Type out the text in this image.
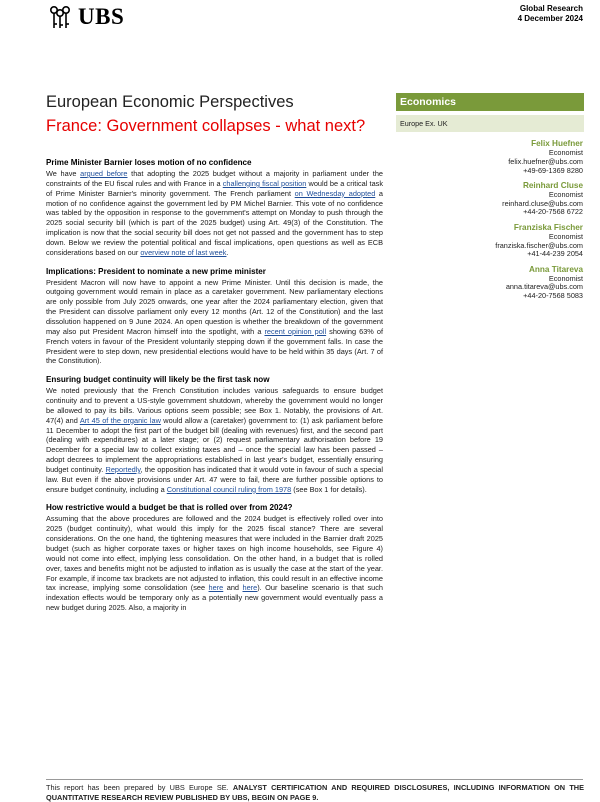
UBS	Global Research
4 December 2024
European Economic Perspectives
France: Government collapses - what next?
Economics
Europe Ex. UK
Felix Huefner
Economist
felix.huefner@ubs.com
+49-69-1369 8280
Reinhard Cluse
Economist
reinhard.cluse@ubs.com
+44-20-7568 6722
Franziska Fischer
Economist
franziska.fischer@ubs.com
+41-44-239 2054
Anna Titareva
Economist
anna.titareva@ubs.com
+44-20-7568 5083
Prime Minister Barnier loses motion of no confidence

We have argued before that adopting the 2025 budget without a majority in parliament under the constraints of the EU fiscal rules and with France in a challenging fiscal position would be a critical task of Prime Minister Barnier's minority government. The French parliament on Wednesday adopted a motion of no confidence against the government led by PM Michel Barnier. This vote of no confidence was tabled by the opposition in response to the government's attempt on Monday to push through the 2025 social security bill (which is part of the 2025 budget) using Art. 49(3) of the Constitution. The implication is now that the social security bill does not get not passed and the government has to step down. Below we review the potential political and fiscal implications, open questions as well as ECB considerations based on our overview note of last week.

Implications: President to nominate a new prime minister

President Macron will now have to appoint a new Prime Minister. Until this decision is made, the outgoing government would remain in place as a caretaker government. New parliamentary elections are only possible from July 2025 onwards, one year after the 2024 parliamentary election, given that the President can dissolve parliament only every 12 months (Art. 12 of the Constitution) and the last dissolution happened on 9 June 2024. An open question is whether the breakdown of the government may also put President Macron himself into the spotlight, with a recent opinion poll showing 63% of French voters in favour of the President voluntarily stepping down if the government falls. In case the President were to step down, new presidential elections would have to be held within 35 days (Art. 7 of the Constitution).

Ensuring budget continuity will likely be the first task now

We noted previously that the French Constitution includes various safeguards to ensure budget continuity and to prevent a US-style government shutdown, whereby the government would no longer be allowed to pay its bills. Various options seem possible; see Box 1. Notably, the provisions of Art. 47(4) and Art 45 of the organic law would allow a (caretaker) government to: (1) ask parliament before 11 December to adopt the first part of the budget bill (dealing with revenues) first, and the second part (dealing with expenditures) at a later stage; or (2) request parliamentary authorisation before 19 December for a special law to collect existing taxes and – once the special law has been passed – adopt decrees to implement the appropriations established in last year's budget, essentially ensuring budget continuity. Reportedly, the opposition has indicated that it would vote in favour of such a special law. But even if the above provisions under Art. 47 were to fail, there are further possible options to ensure budget continuity, including a Constitutional council ruling from 1978 (see Box 1 for details).

How restrictive would a budget be that is rolled over from 2024?

Assuming that the above procedures are followed and the 2024 budget is effectively rolled over into 2025 (budget continuity), what would this imply for the 2025 fiscal stance? There are several considerations. On the one hand, the tightening measures that were included in the Barnier draft 2025 budget (such as higher corporate taxes or higher taxes on high income households, see Figure 4) would not come into effect, implying less consolidation. On the other hand, in a budget that is rolled over, taxes and benefits might not be adjusted to inflation as is usually the case at the start of the year. For example, if income tax brackets are not adjusted to inflation, this could result in an effective income tax increase, implying some consolidation (see here and here). Our baseline scenario is that such indexation effects would be temporary only as a potentially new government would eventually pass a new budget during 2025. Also, a majority in

This report has been prepared by UBS Europe SE. ANALYST CERTIFICATION AND REQUIRED DISCLOSURES, INCLUDING INFORMATION ON THE QUANTITATIVE RESEARCH REVIEW PUBLISHED BY UBS, BEGIN ON PAGE 9.
